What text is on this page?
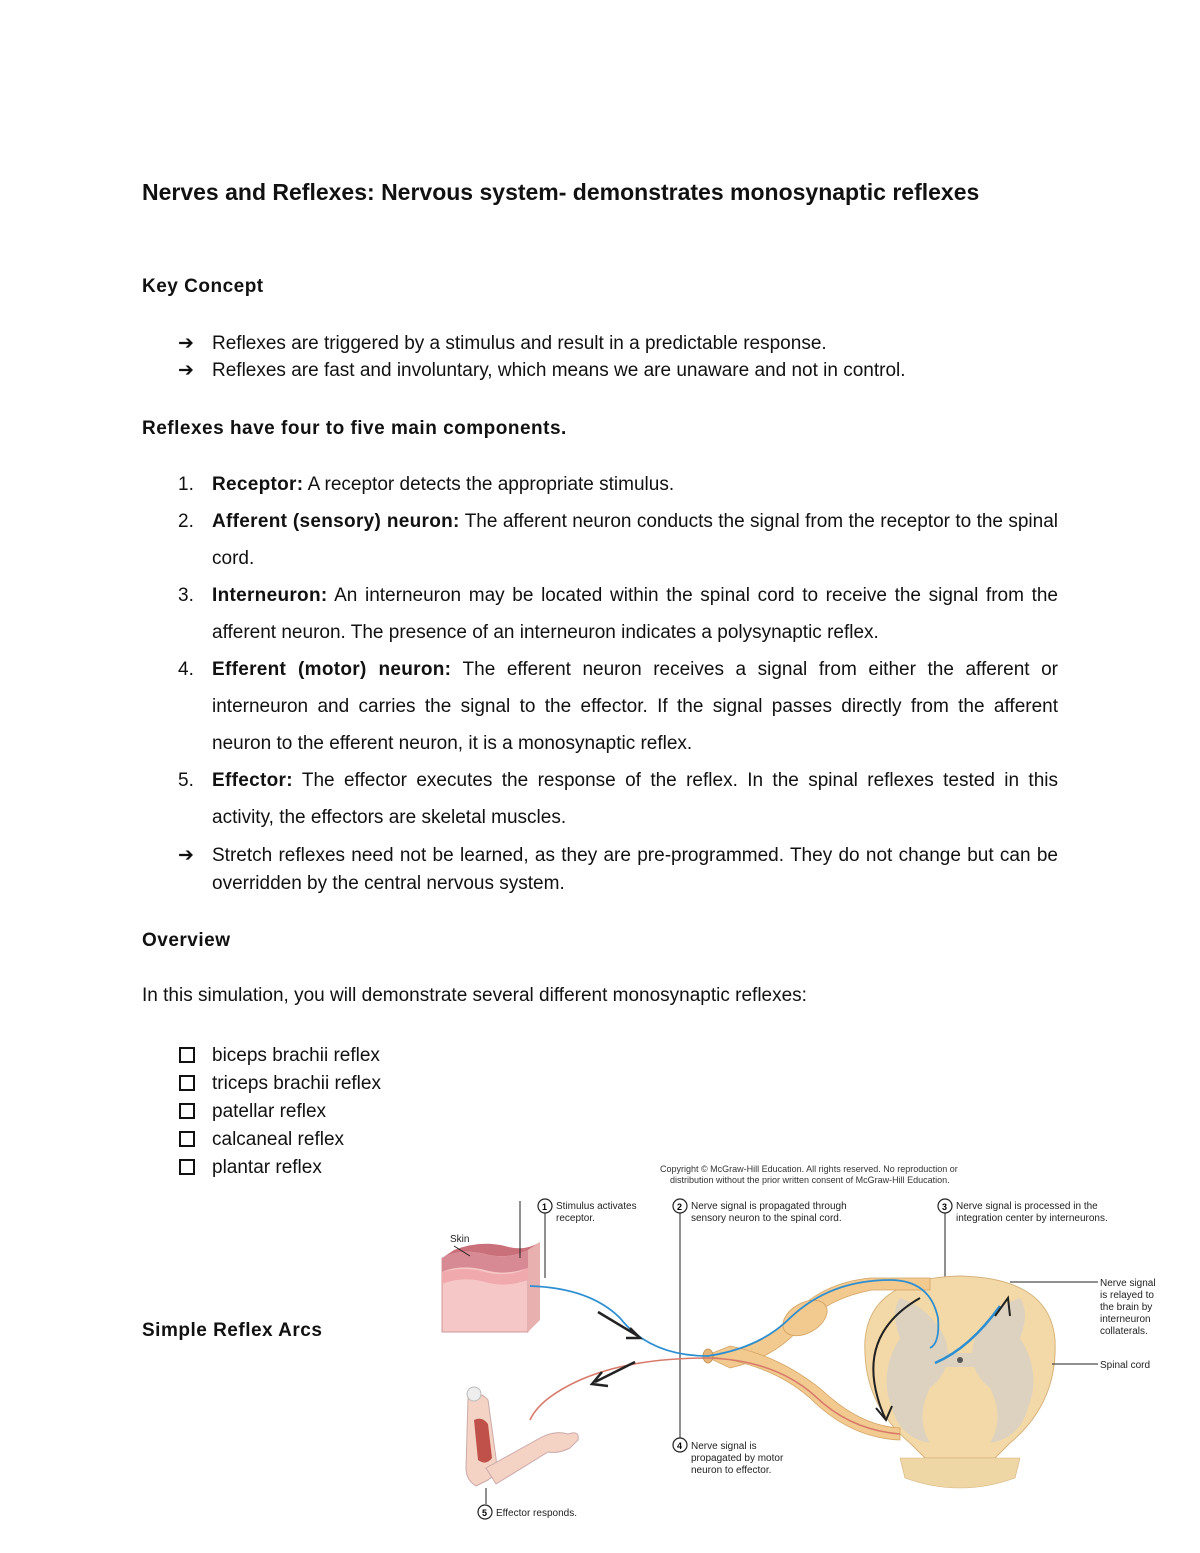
Nerves and Reflexes: Nervous system- demonstrates monosynaptic reflexes

Key Concept

➔ Reflexes are triggered by a stimulus and result in a predictable response.
➔ Reflexes are fast and involuntary, which means we are unaware and not in control.

Reflexes have four to five main components.

1. Receptor: A receptor detects the appropriate stimulus.
2. Afferent (sensory) neuron: The afferent neuron conducts the signal from the receptor to the spinal cord.
3. Interneuron: An interneuron may be located within the spinal cord to receive the signal from the afferent neuron. The presence of an interneuron indicates a polysynaptic reflex.
4. Efferent (motor) neuron: The efferent neuron receives a signal from either the afferent or interneuron and carries the signal to the effector. If the signal passes directly from the afferent neuron to the efferent neuron, it is a monosynaptic reflex.
5. Effector: The effector executes the response of the reflex. In the spinal reflexes tested in this activity, the effectors are skeletal muscles.
➔ Stretch reflexes need not be learned, as they are pre-programmed. They do not change but can be overridden by the central nervous system.

Overview

In this simulation, you will demonstrate several different monosynaptic reflexes:

biceps brachii reflex
triceps brachii reflex
patellar reflex
calcaneal reflex
plantar reflex

Simple Reflex Arcs

Copyright © McGraw-Hill Education. All rights reserved. No reproduction or
distribution without the prior written consent of McGraw-Hill Education.
Skin
1 Stimulus activates
receptor.
2 Nerve signal is propagated through
sensory neuron to the spinal cord.
3 Nerve signal is processed in the
integration center by interneurons.
4 Nerve signal is
propagated by motor
neuron to effector.
5 Effector responds.
Nerve signal
is relayed to
the brain by
interneuron
collaterals.
Spinal cord
